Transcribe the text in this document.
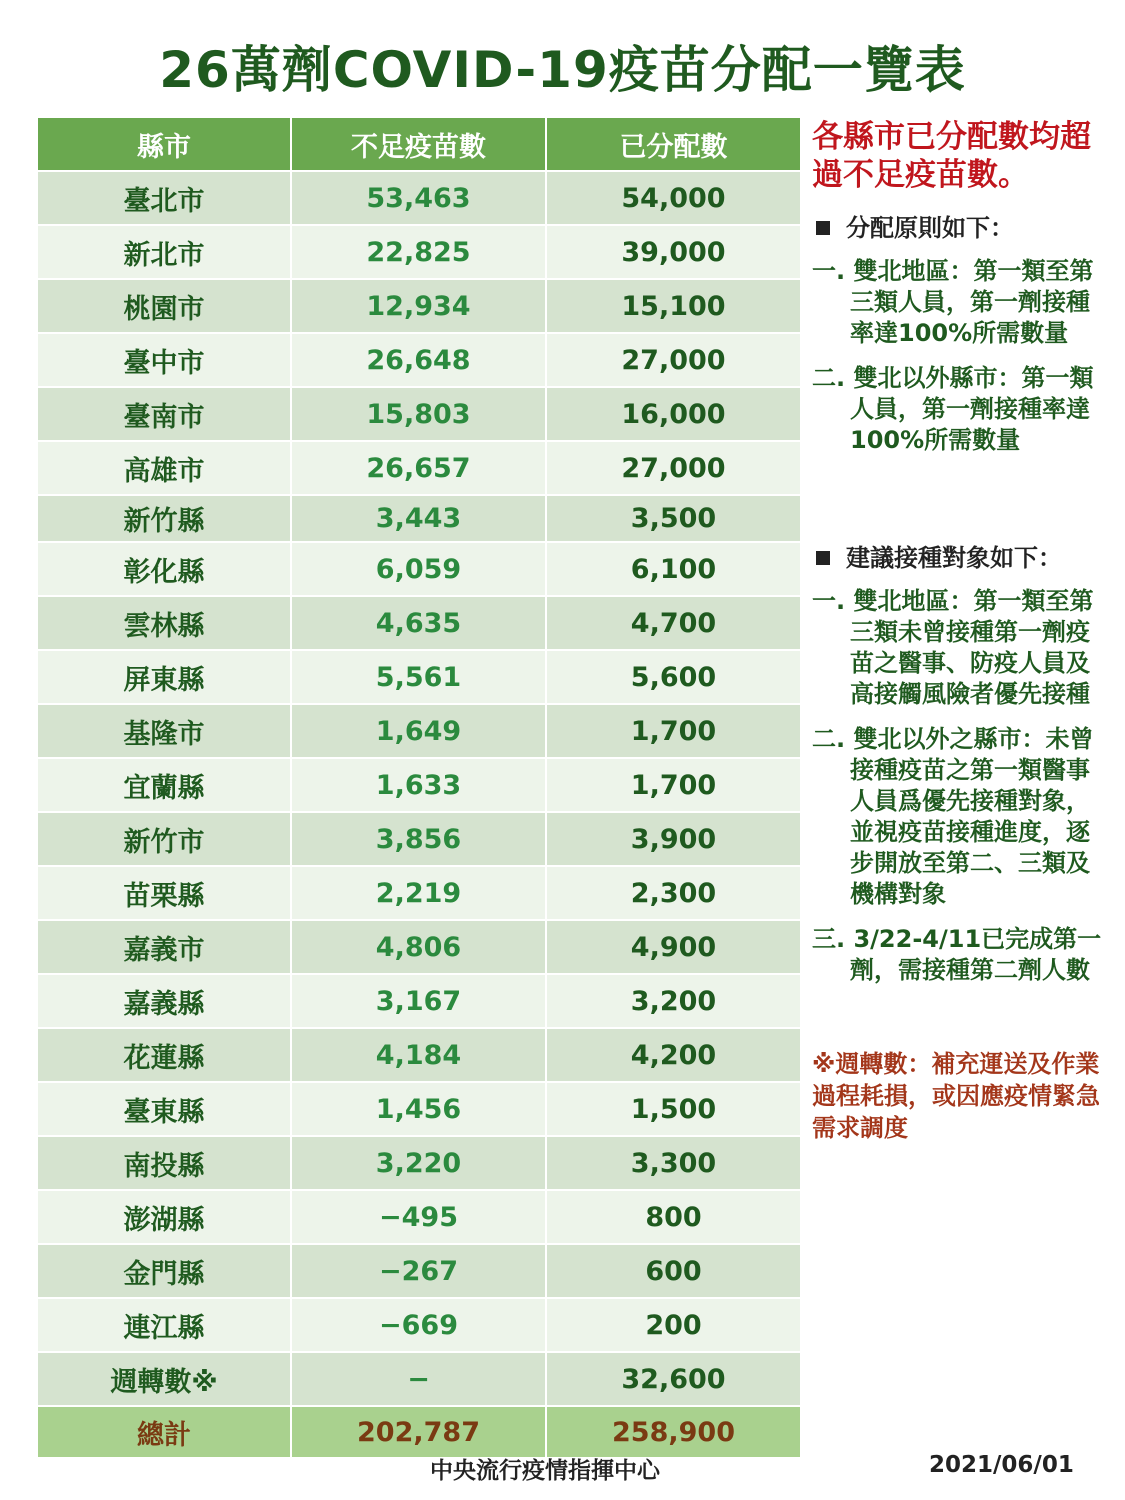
26萬劑COVID-19疫苗分配一覽表
縣市	不足疫苗數	已分配數
臺北市	53,463	54,000
新北市	22,825	39,000
桃園市	12,934	15,100
臺中市	26,648	27,000
臺南市	15,803	16,000
高雄市	26,657	27,000
新竹縣	3,443	3,500
彰化縣	6,059	6,100
雲林縣	4,635	4,700
屏東縣	5,561	5,600
基隆市	1,649	1,700
宜蘭縣	1,633	1,700
新竹市	3,856	3,900
苗栗縣	2,219	2,300
嘉義市	4,806	4,900
嘉義縣	3,167	3,200
花蓮縣	4,184	4,200
臺東縣	1,456	1,500
南投縣	3,220	3,300
澎湖縣	−495	800
金門縣	−267	600
連江縣	−669	200
週轉數※	−	32,600
總計	202,787	258,900
各縣市已分配數均超過不足疫苗數。
分配原則如下：
一. 雙北地區：第一類至第三類人員，第一劑接種率達100%所需數量
二. 雙北以外縣市：第一類人員，第一劑接種率達100%所需數量
建議接種對象如下：
一. 雙北地區：第一類至第三類未曾接種第一劑疫苗之醫事、防疫人員及高接觸風險者優先接種
二. 雙北以外之縣市：未曾接種疫苗之第一類醫事人員爲優先接種對象，並視疫苗接種進度，逐步開放至第二、三類及機構對象
三. 3/22-4/11已完成第一劑，需接種第二劑人數
※週轉數：補充運送及作業過程耗損，或因應疫情緊急需求調度
中央流行疫情指揮中心	2021/06/01
